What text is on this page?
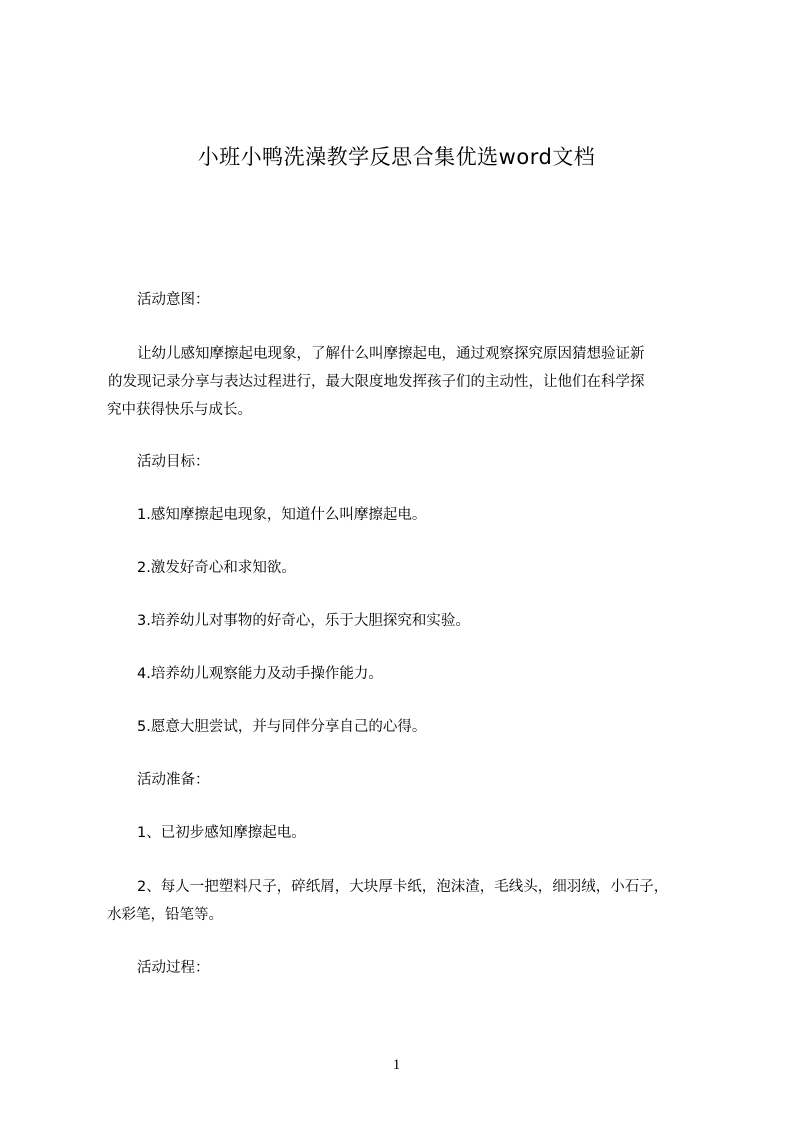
小班小鸭洗澡教学反思合集优选word文档
活动意图：
让幼儿感知摩擦起电现象，了解什么叫摩擦起电，通过观察探究原因猜想验证新
的发现记录分享与表达过程进行，最大限度地发挥孩子们的主动性，让他们在科学探
究中获得快乐与成长。
活动目标：
1.感知摩擦起电现象，知道什么叫摩擦起电。
2.激发好奇心和求知欲。
3.培养幼儿对事物的好奇心，乐于大胆探究和实验。
4.培养幼儿观察能力及动手操作能力。
5.愿意大胆尝试，并与同伴分享自己的心得。
活动准备：
1、已初步感知摩擦起电。
2、每人一把塑料尺子，碎纸屑，大块厚卡纸，泡沫渣，毛线头，细羽绒，小石子，
水彩笔，铅笔等。
活动过程：
1
